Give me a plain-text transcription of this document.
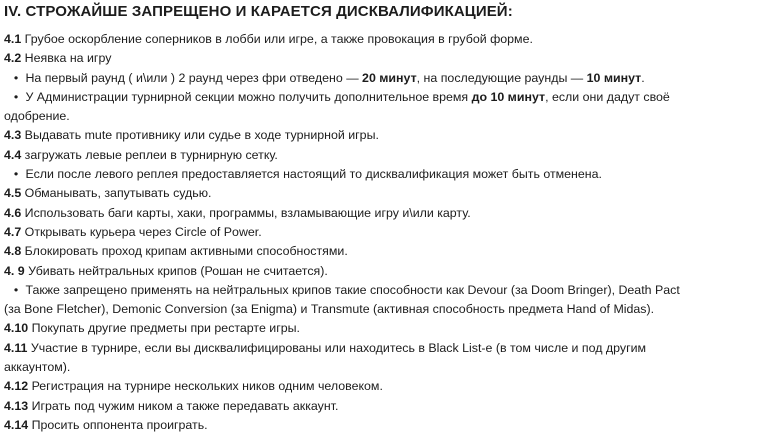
IV. СТРОЖАЙШЕ ЗАПРЕЩЕНО И КАРАЕТСЯ ДИСКВАЛИФИКАЦИЕЙ:
4.1 Грубое оскорбление соперников в лобби или игре, а также провокация в грубой форме.
4.2 Неявка на игру
• На первый раунд ( и\или ) 2 раунд через фри отведено — 20 минут, на последующие раунды — 10 минут.
• У Администрации турнирной секции можно получить дополнительное время до 10 минут, если они дадут своё
одобрение.
4.3 Выдавать mute противнику или судье в ходе турнирной игры.
4.4 загружать левые реплеи в турнирную сетку.
• Если после левого реплея предоставляется настоящий то дисквалификация может быть отменена.
4.5 Обманывать, запутывать судью.
4.6 Использовать баги карты, хаки, программы, взламывающие игру и\или карту.
4.7 Открывать курьера через Circle of Power.
4.8 Блокировать проход крипам активными способностями.
4. 9 Убивать нейтральных крипов (Рошан не считается).
• Также запрещено применять на нейтральных крипов такие способности как Devour (за Doom Bringer), Death Pact
(за Bone Fletcher), Demonic Conversion (за Enigma) и Transmute (активная способность предмета Hand of Midas).
4.10 Покупать другие предметы при рестарте игры.
4.11 Участие в турнире, если вы дисквалифицированы или находитесь в Black List-e (в том числе и под другим
аккаунтом).
4.12 Регистрация на турнире нескольких ников одним человеком.
4.13 Играть под чужим ником а также передавать аккаунт.
4.14 Просить оппонента проиграть.
